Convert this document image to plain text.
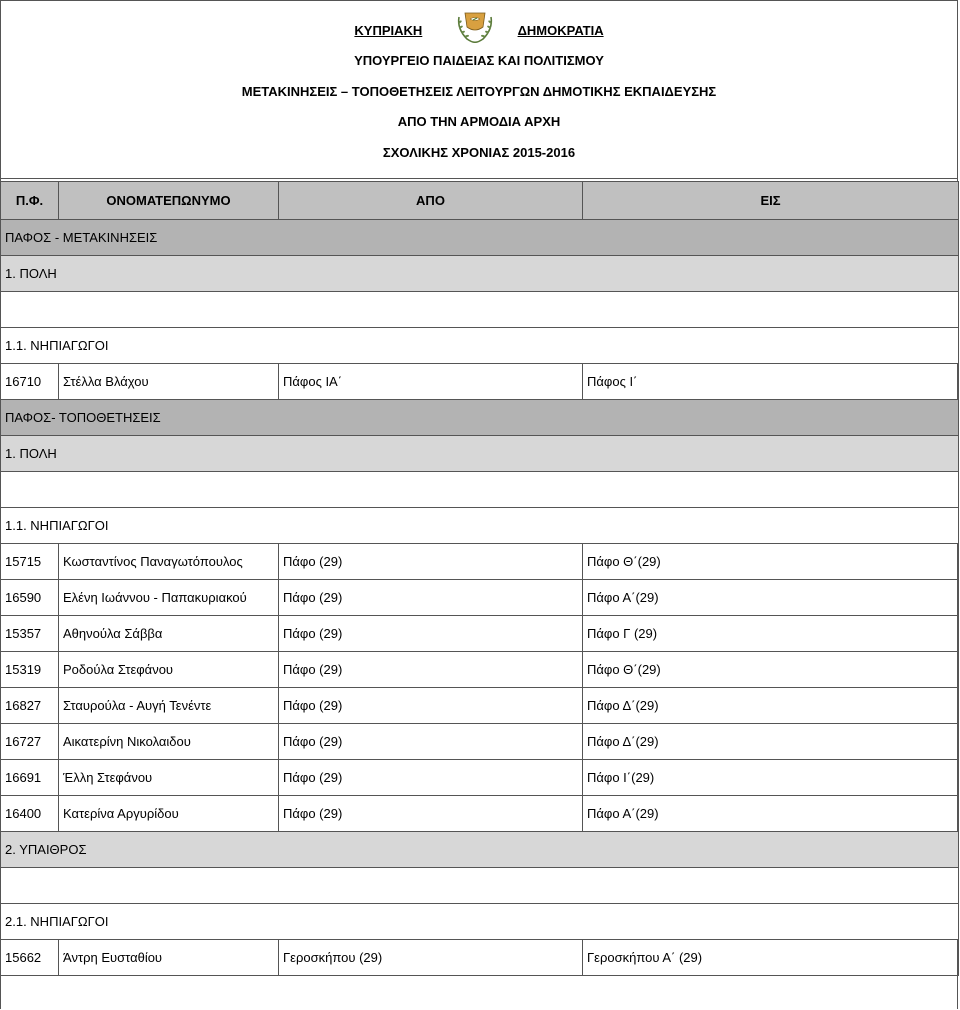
ΚΥΠΡΙΑΚΗ	ΔΗΜΟΚΡΑΤΙΑ
ΥΠΟΥΡΓΕΙΟ ΠΑΙΔΕΙΑΣ ΚΑΙ ΠΟΛΙΤΙΣΜΟΥ
ΜΕΤΑΚΙΝΗΣΕΙΣ – ΤΟΠΟΘΕΤΗΣΕΙΣ ΛΕΙΤΟΥΡΓΩΝ ΔΗΜΟΤΙΚΗΣ ΕΚΠΑΙΔΕΥΣΗΣ
ΑΠΟ ΤΗΝ ΑΡΜΟΔΙΑ ΑΡΧΗ
ΣΧΟΛΙΚΗΣ ΧΡΟΝΙΑΣ 2015-2016
Π.Φ.	ΟΝΟΜΑΤΕΠΩΝΥΜΟ	ΑΠΟ	ΕΙΣ
ΠΑΦΟΣ - ΜΕΤΑΚΙΝΗΣΕΙΣ			
1. ΠΟΛΗ			

1.1. ΝΗΠΙΑΓΩΓΟΙ			
16710	Στέλλα Βλάχου	Πάφος ΙΑ΄	Πάφος Ι΄
ΠΑΦΟΣ- ΤΟΠΟΘΕΤΗΣΕΙΣ			
1. ΠΟΛΗ			

1.1. ΝΗΠΙΑΓΩΓΟΙ			
15715	Κωσταντίνος Παναγωτόπουλος	Πάφο (29)	Πάφο Θ΄(29)
16590	Ελένη Ιωάννου - Παπακυριακού	Πάφο (29)	Πάφο Α΄(29)
15357	Αθηνούλα Σάββα	Πάφο (29)	Πάφο Γ (29)
15319	Ροδούλα Στεφάνου	Πάφο (29)	Πάφο Θ΄(29)
16827	Σταυρούλα - Αυγή Τενέντε	Πάφο (29)	Πάφο Δ΄(29)
16727	Αικατερίνη Νικολαιδου	Πάφο (29)	Πάφο Δ΄(29)
16691	Έλλη Στεφάνου	Πάφο (29)	Πάφο Ι΄(29)
16400	Κατερίνα Αργυρίδου	Πάφο (29)	Πάφο Α΄(29)
2. ΥΠΑΙΘΡΟΣ			

2.1. ΝΗΠΙΑΓΩΓΟΙ			
15662	Άντρη Ευσταθίου	Γεροσκήπου (29)	Γεροσκήπου Α΄ (29)
